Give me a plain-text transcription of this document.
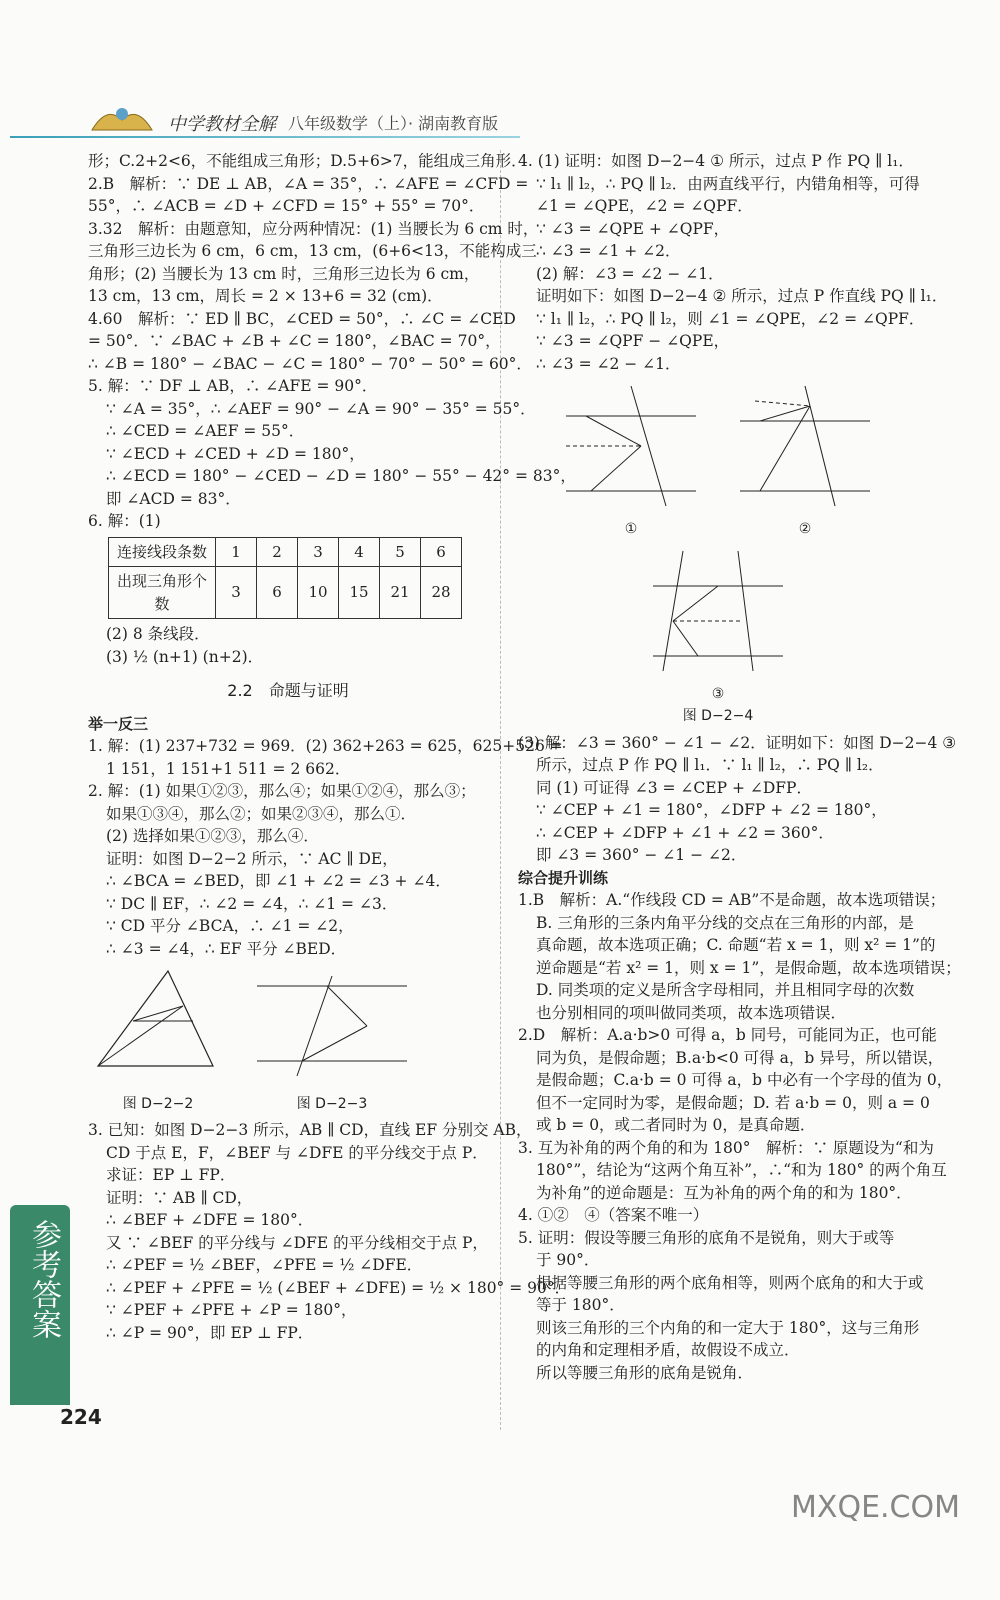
中学教材全解 八年级数学（上）· 湖南教育版
形；C.2+2<6，不能组成三角形；D.5+6>7，能组成三角形．
2.B　解析：∵ DE ⊥ AB，∠A = 35°，∴ ∠AFE = ∠CFD =
55°，∴ ∠ACB = ∠D + ∠CFD = 15° + 55° = 70°．
3.32　解析：由题意知，应分两种情况：(1) 当腰长为 6 cm 时，
三角形三边长为 6 cm，6 cm，13 cm，(6+6<13，不能构成三
角形；(2) 当腰长为 13 cm 时，三角形三边长为 6 cm，
13 cm，13 cm，周长 = 2 × 13+6 = 32 (cm)．
4.60　解析：∵ ED ∥ BC，∠CED = 50°，∴ ∠C = ∠CED
= 50°．∵ ∠BAC + ∠B + ∠C = 180°，∠BAC = 70°，
∴ ∠B = 180° − ∠BAC − ∠C = 180° − 70° − 50° = 60°．
5. 解：∵ DF ⊥ AB，∴ ∠AFE = 90°．
∵ ∠A = 35°，∴ ∠AEF = 90° − ∠A = 90° − 35° = 55°．
∴ ∠CED = ∠AEF = 55°．
∵ ∠ECD + ∠CED + ∠D = 180°，
∴ ∠ECD = 180° − ∠CED − ∠D = 180° − 55° − 42° = 83°，
即 ∠ACD = 83°．
6. 解：(1)
连接线段条数	1	2	3	4	5	6
出现三角形个数	3	6	10	15	21	28
(2) 8 条线段．
(3) ½ (n+1) (n+2)．
2.2　命题与证明
举一反三
1. 解：(1) 237+732 = 969．(2) 362+263 = 625，625+526 =
1 151，1 151+1 511 = 2 662．
2. 解：(1) 如果①②③，那么④；如果①②④，那么③；
如果①③④，那么②；如果②③④，那么①．
(2) 选择如果①②③，那么④．
证明：如图 D−2−2 所示，∵ AC ∥ DE，
∴ ∠BCA = ∠BED，即 ∠1 + ∠2 = ∠3 + ∠4．
∵ DC ∥ EF，∴ ∠2 = ∠4，∴ ∠1 = ∠3．
∵ CD 平分 ∠BCA，∴ ∠1 = ∠2，
∴ ∠3 = ∠4，∴ EF 平分 ∠BED．
图 D−2−2	图 D−2−3
3. 已知：如图 D−2−3 所示，AB ∥ CD，直线 EF 分别交 AB，
CD 于点 E，F，∠BEF 与 ∠DFE 的平分线交于点 P．
求证：EP ⊥ FP．
证明：∵ AB ∥ CD，
∴ ∠BEF + ∠DFE = 180°．
又 ∵ ∠BEF 的平分线与 ∠DFE 的平分线相交于点 P，
∴ ∠PEF = ½ ∠BEF，∠PFE = ½ ∠DFE．
∴ ∠PEF + ∠PFE = ½ (∠BEF + ∠DFE) = ½ × 180° = 90°．
∵ ∠PEF + ∠PFE + ∠P = 180°，
∴ ∠P = 90°，即 EP ⊥ FP．
4. (1) 证明：如图 D−2−4 ① 所示，过点 P 作 PQ ∥ l₁．
∵ l₁ ∥ l₂，∴ PQ ∥ l₂．由两直线平行，内错角相等，可得
∠1 = ∠QPE，∠2 = ∠QPF．
∵ ∠3 = ∠QPE + ∠QPF，
∴ ∠3 = ∠1 + ∠2．
(2) 解：∠3 = ∠2 − ∠1．
证明如下：如图 D−2−4 ② 所示，过点 P 作直线 PQ ∥ l₁．
∵ l₁ ∥ l₂，∴ PQ ∥ l₂，则 ∠1 = ∠QPE，∠2 = ∠QPF．
∵ ∠3 = ∠QPF − ∠QPE，
∴ ∠3 = ∠2 − ∠1．
①	②
③
图 D−2−4
(3) 解：∠3 = 360° − ∠1 − ∠2．证明如下：如图 D−2−4 ③
所示，过点 P 作 PQ ∥ l₁．∵ l₁ ∥ l₂，∴ PQ ∥ l₂．
同 (1) 可证得 ∠3 = ∠CEP + ∠DFP．
∵ ∠CEP + ∠1 = 180°，∠DFP + ∠2 = 180°，
∴ ∠CEP + ∠DFP + ∠1 + ∠2 = 360°．
即 ∠3 = 360° − ∠1 − ∠2．
综合提升训练
1.B　解析：A.“作线段 CD = AB”不是命题，故本选项错误；
B. 三角形的三条内角平分线的交点在三角形的内部，是
真命题，故本选项正确；C. 命题“若 x = 1，则 x² = 1”的
逆命题是“若 x² = 1，则 x = 1”，是假命题，故本选项错误；
D. 同类项的定义是所含字母相同，并且相同字母的次数
也分别相同的项叫做同类项，故本选项错误．
2.D　解析：A.a·b>0 可得 a，b 同号，可能同为正，也可能
同为负，是假命题；B.a·b<0 可得 a，b 异号，所以错误，
是假命题；C.a·b = 0 可得 a，b 中必有一个字母的值为 0，
但不一定同时为零，是假命题；D. 若 a·b = 0，则 a = 0
或 b = 0，或二者同时为 0，是真命题．
3. 互为补角的两个角的和为 180°　解析：∵ 原题设为“和为
180°”，结论为“这两个角互补”，∴“和为 180° 的两个角互
为补角”的逆命题是：互为补角的两个角的和为 180°．
4. ①②　④（答案不唯一）
5. 证明：假设等腰三角形的底角不是锐角，则大于或等
于 90°．
根据等腰三角形的两个底角相等，则两个底角的和大于或
等于 180°．
则该三角形的三个内角的和一定大于 180°，这与三角形
的内角和定理相矛盾，故假设不成立．
所以等腰三角形的底角是锐角．
参考答案
224
MXQE.COM
